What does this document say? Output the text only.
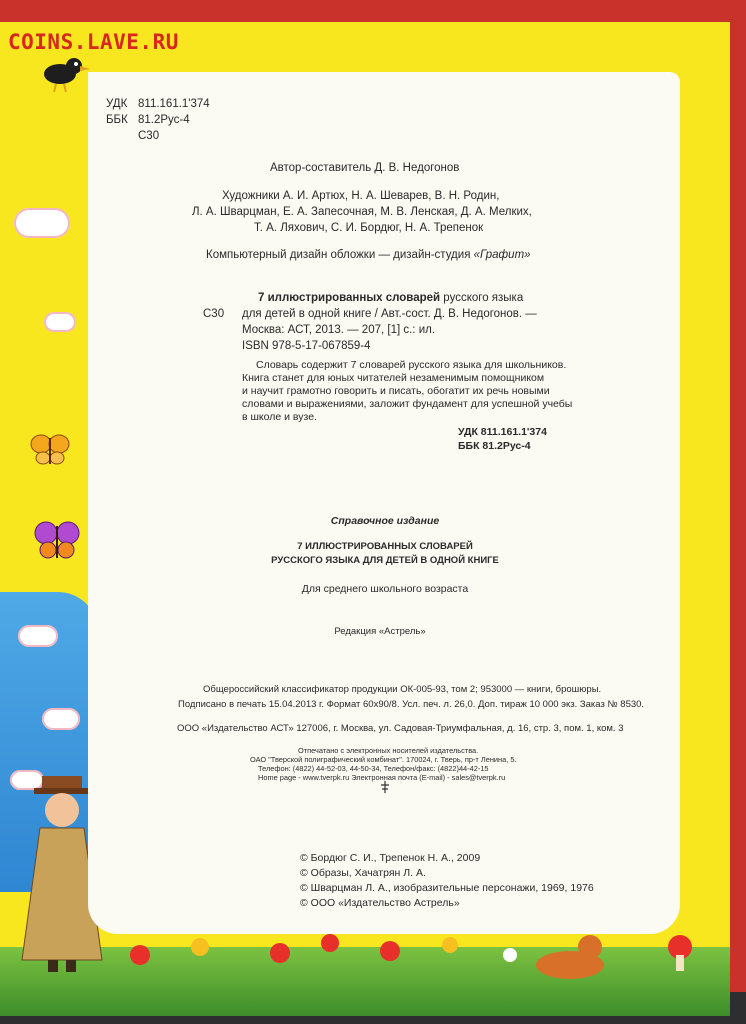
COINS.LAVE.RU
УДК 811.161.1'374
ББК 81.2Рус-4
С30
Автор-составитель Д. В. Недогонов
Художники А. И. Артюх, Н. А. Шеварев, В. Н. Родин,
Л. А. Шварцман, Е. А. Запесочная, М. В. Ленская, Д. А. Мелких,
Т. А. Ляхович, С. И. Бордюг, Н. А. Трепенок
Компьютерный дизайн обложки — дизайн-студия «Графит»
С30
7 иллюстрированных словарей русского языка
для детей в одной книге / Авт.-сост. Д. В. Недогонов. —
Москва: АСТ, 2013. — 207, [1] с.: ил.
ISBN 978-5-17-067859-4
Словарь содержит 7 словарей русского языка для школьников.
Книга станет для юных читателей незаменимым помощником
и научит грамотно говорить и писать, обогатит их речь новыми
словами и выражениями, заложит фундамент для успешной учебы
в школе и вузе.
УДК 811.161.1'374
ББК 81.2Рус-4
Справочное издание
7 ИЛЛЮСТРИРОВАННЫХ СЛОВАРЕЙ
РУССКОГО ЯЗЫКА ДЛЯ ДЕТЕЙ В ОДНОЙ КНИГЕ
Для среднего школьного возраста
Редакция «Астрель»
Общероссийский классификатор продукции ОК-005-93, том 2; 953000 — книги, брошюры.
Подписано в печать 15.04.2013 г. Формат 60х90/8. Усл. печ. л. 26,0. Доп. тираж 10 000 экз. Заказ № 8530.
ООО «Издательство АСТ» 127006, г. Москва, ул. Садовая-Триумфальная, д. 16, стр. 3, пом. 1, ком. 3
Отпечатано с электронных носителей издательства.
ОАО "Тверской полиграфический комбинат". 170024, г. Тверь, пр-т Ленина, 5.
Телефон: (4822) 44-52-03, 44-50-34, Телефон/факс: (4822)44-42-15
Home page - www.tverpk.ru Электронная почта (E-mail) - sales@tverpk.ru
© Бордюг С. И., Трепенок Н. А., 2009
© Образы, Хачатрян Л. А.
© Шварцман Л. А., изобразительные персонажи, 1969, 1976
© ООО «Издательство Астрель»
